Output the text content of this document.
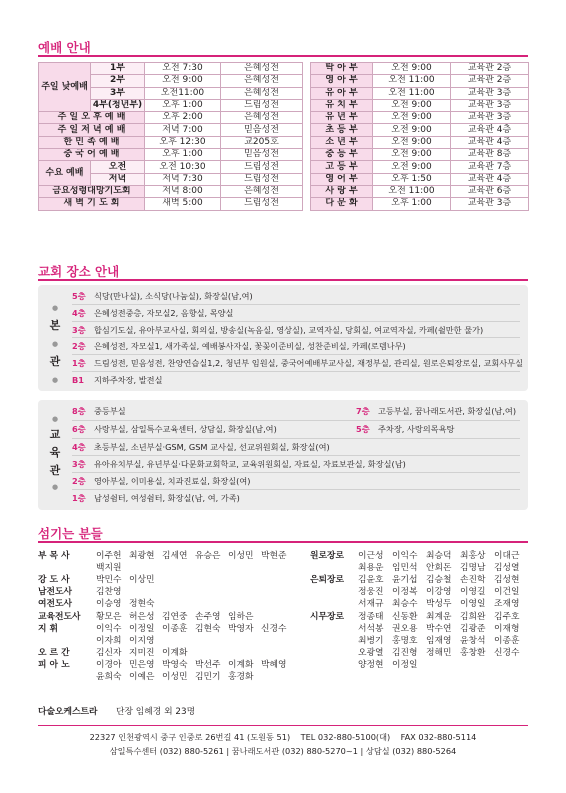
예배 안내
주일 낮예배	1부	오전 7:30	은혜성전		탁 아 부	오전 9:00	교육관 2층
	2부	오전 9:00	은혜성전		영 아 부	오전 11:00	교육관 2층
	3부	오전11:00	은혜성전		유 아 부	오전 11:00	교육관 3층
	4부(청년부)	오후 1:00	드림성전		유 치 부	오전 9:00	교육관 3층
주 일 오 후 예 배		오후 2:00	은혜성전		유 년 부	오전 9:00	교육관 3층
주 일 저 녁 예 배		저녁 7:00	믿음성전		초 등 부	오전 9:00	교육관 4층
한 민 족 예 배		오후 12:30	교205호		소 년 부	오전 9:00	교육관 4층
중 국 어 예 배		오후 1:00	믿음성전		중 등 부	오전 9:00	교육관 8층
수요 예배	오전	오전 10:30	드림성전		고 등 부	오전 9:00	교육관 7층
	저녁	저녁 7:30	드림성전		영 어 부	오후 1:50	교육관 4층
금요성령대망기도회		저녁 8:00	은혜성전		사 랑 부	오전 11:00	교육관 6층
새 벽 기 도 회		새벽 5:00	드림성전		다 문 화	오후 1:00	교육관 3층
교회 장소 안내
●
본
●
관
●
5층 식당(만나실), 소식당(나눔실), 화장실(남,여)
4층 은혜성전중층, 자모실2, 음향실, 목양실
3층 합심기도실, 유아부교사실, 회의실, 방송실(녹음실, 영상실), 교역자실, 당회실, 여교역자실, 카페(쉴만한 물가)
2층 은혜성전, 자모실1, 새가족실, 예배봉사자실, 꽃꽂이준비실, 성찬준비실, 카페(로뎀나무)
1층 드림성전, 믿음성전, 찬양연습실1,2, 청년부 임원실, 중국어예배부교사실, 재정부실, 관리실, 원로은퇴장로실, 교회사무실
B1 지하주차장, 발전실
●
교
육
관
●
8층 중등부실	7층 고등부실, 꿈나래도서관, 화장실(남,여)
6층 사랑부실, 삼일특수교육센터, 상담실, 화장실(남,여)	5층 주차장, 사랑의목욕탕
4층 초등부실, 소년부실·GSM, GSM 교사실, 선교위원회실, 화장실(여)
3층 유아유치부실, 유년부실·다문화교회학교, 교육위원회실, 자료실, 자료보관실, 화장실(남)
2층 영아부실, 이미용실, 치과진료실, 화장실(여)
1층 남성쉼터, 여성쉼터, 화장실(남, 여, 가족)
섬기는 분들
부 목 사	이주헌 최광현 김세연 유승은 이성민 박현준
백지원
강 도 사	박민수 이상민
남전도사	김찬영
여전도사	이승영 정현숙
교육전도사 황모은 허은성 김연중 손주영 임하은
지 휘	이익수 이정일 이종훈 김현숙 박영자 신경수
이자희 이지영
오 르 간	김신자 지미진 이계화
피 아 노	이경아 민은영 박영숙 박선주 이계화 박혜영
윤희숙 이예은 이성민 김민기 홍경화
원로장로 이근성 이익수 최승덕 최홍상 이대근
최용운 임민석 안회돈 김명남 김성열
은퇴장로 김윤호 윤기섭 김승철 손진학 김성현
정웅진 이정복 이강영 이영길 이건일
서재규 최승수 박성두 이영일 조재영
시무장로 정종태 신동환 최계운 김희완 김주호
서석봉 권오용 박수연 김광준 이재형
최병기 홍명호 임재영 윤창석 이종훈
오광열 김진형 정해민 홍창환 신경수
양정현 이정일
다술오케스트라 단장 임혜경 외 23명
22327 인천광역시 중구 인중로 26번길 41 (도원동 51) TEL 032-880-5100(대) FAX 032-880-5114
삼일특수센터 (032) 880-5261 | 꿈나래도서관 (032) 880-5270~1 | 상담실 (032) 880-5264
